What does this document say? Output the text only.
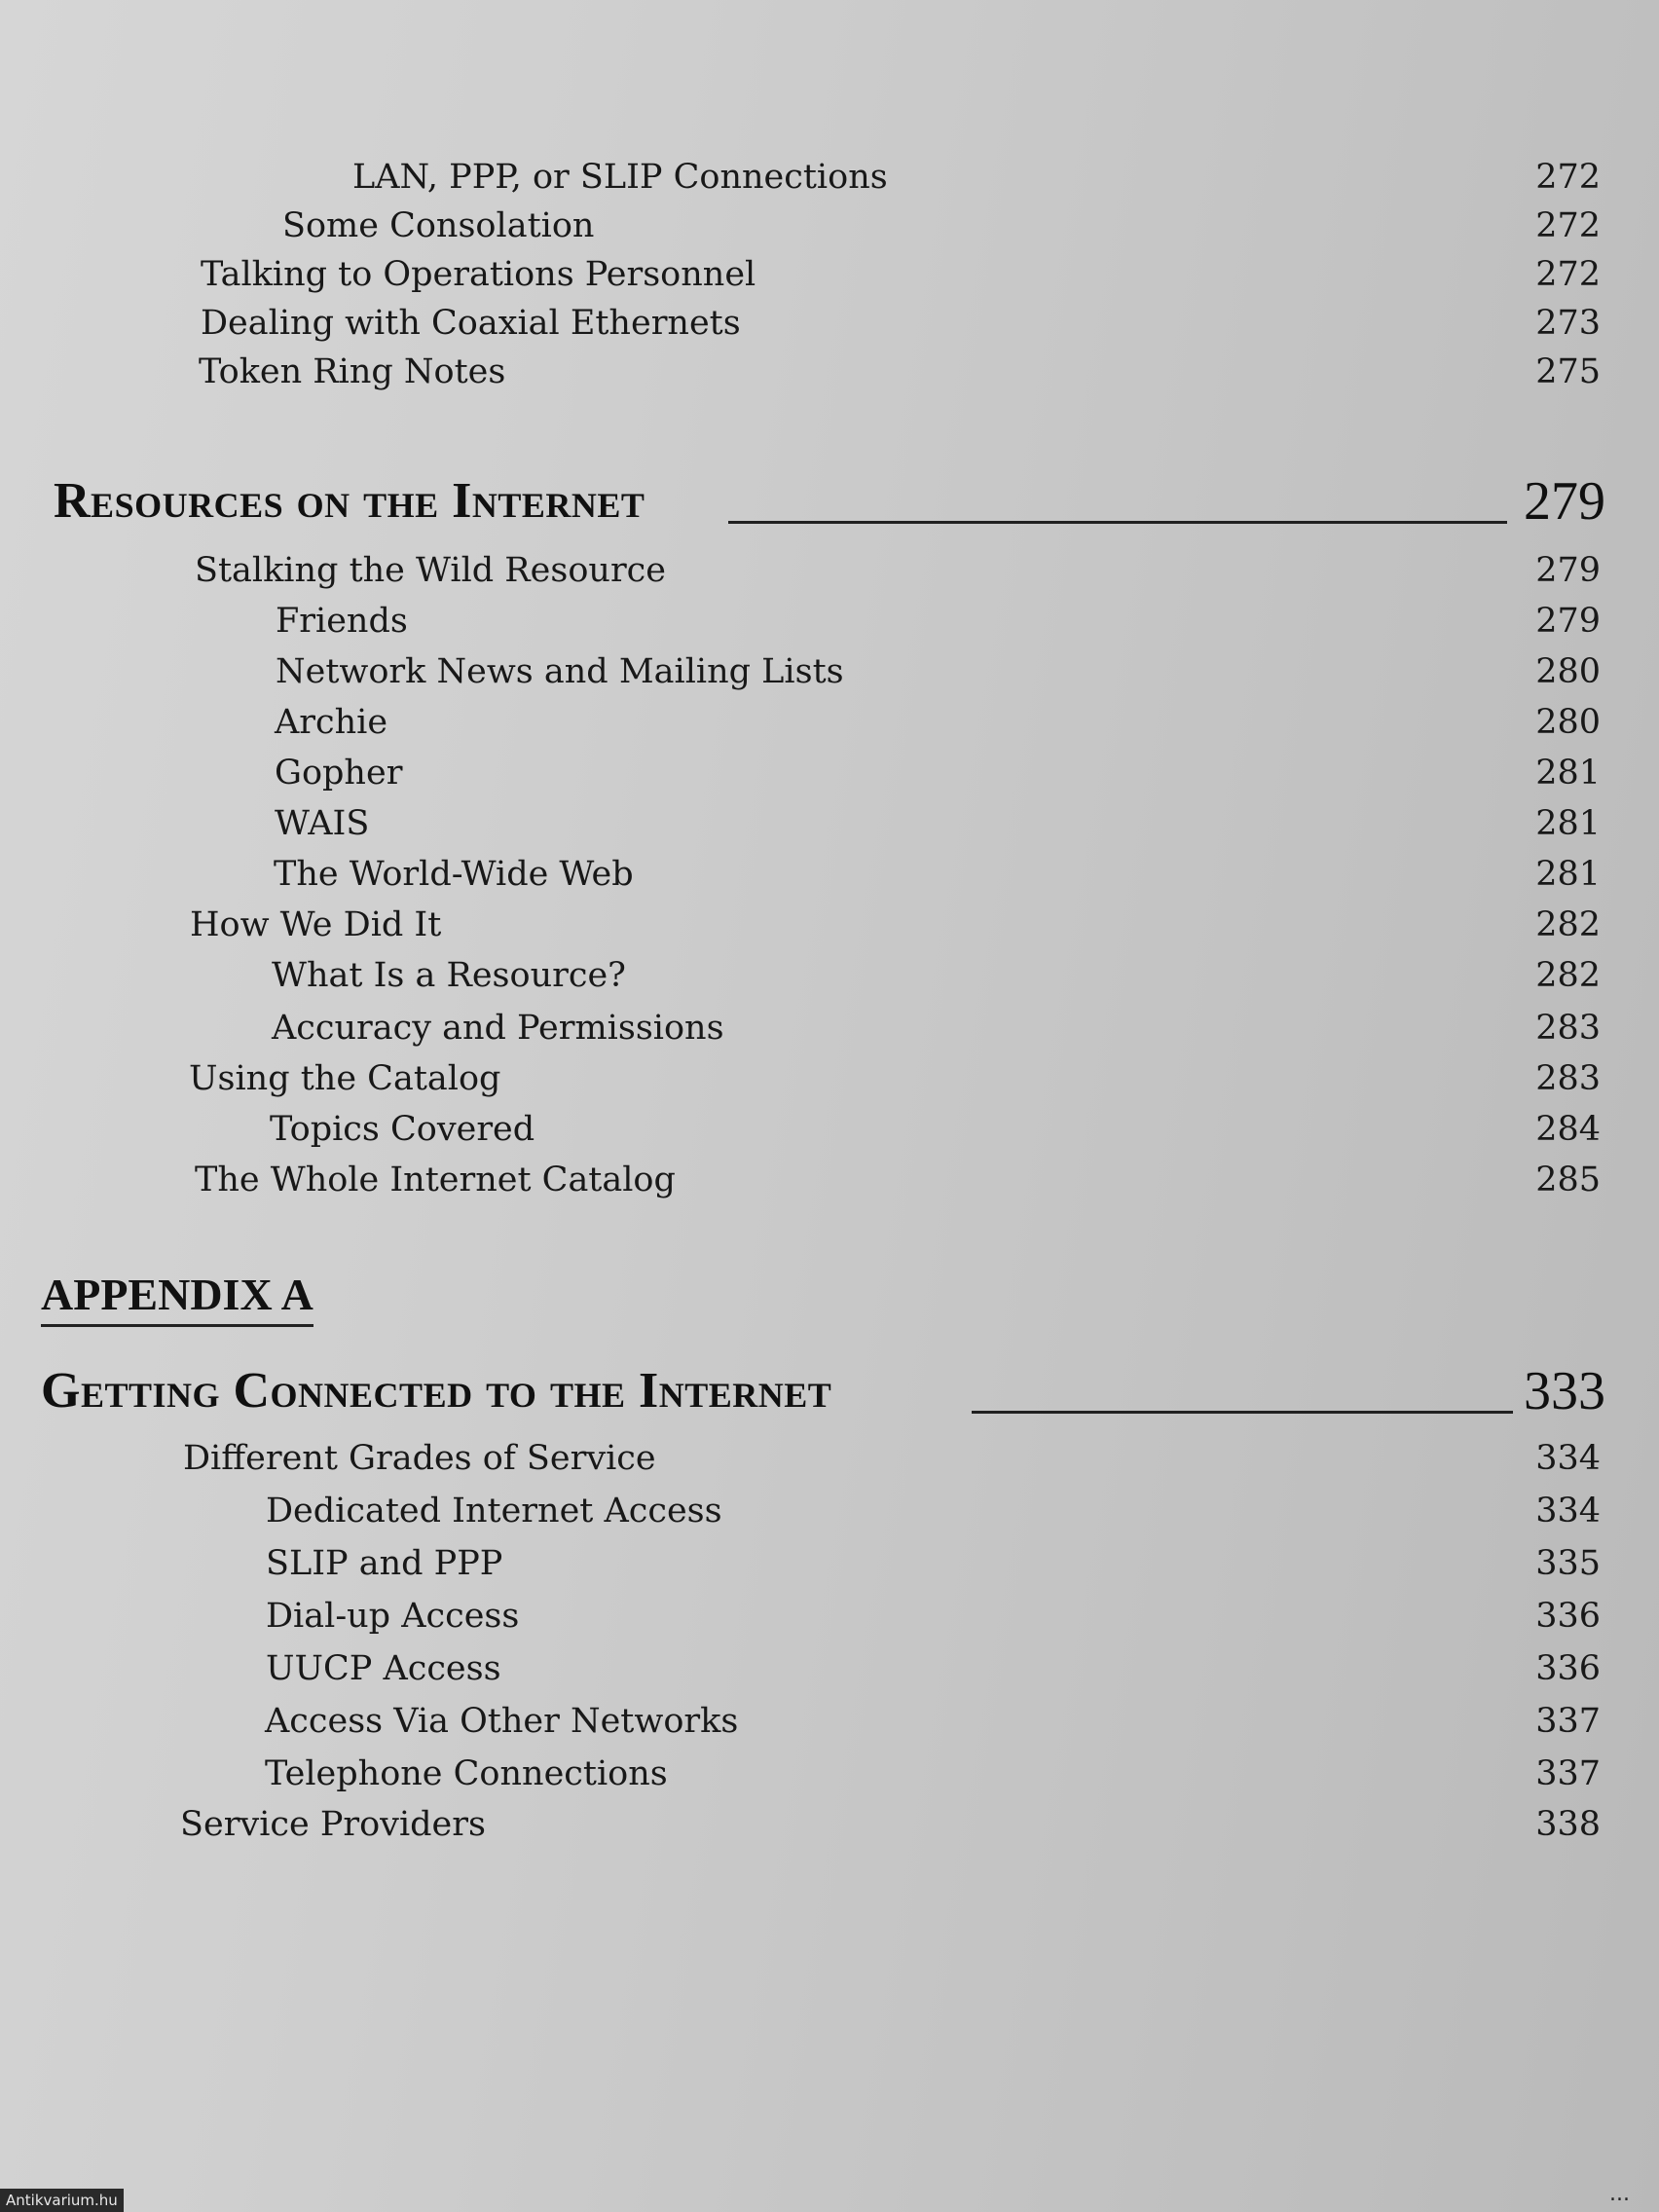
LAN, PPP, or SLIP Connections	272
Some Consolation	272
Talking to Operations Personnel	272
Dealing with Coaxial Ethernets	273
Token Ring Notes	275
Resources on the Internet	279
Stalking the Wild Resource	279
Friends	279
Network News and Mailing Lists	280
Archie	280
Gopher	281
WAIS	281
The World-Wide Web	281
How We Did It	282
What Is a Resource?	282
Accuracy and Permissions	283
Using the Catalog	283
Topics Covered	284
The Whole Internet Catalog	285
APPENDIX A
Getting Connected to the Internet	333
Different Grades of Service	334
Dedicated Internet Access	334
SLIP and PPP	335
Dial-up Access	336
UUCP Access	336
Access Via Other Networks	337
Telephone Connections	337
Service Providers	338
Antikvarium.hu	...
